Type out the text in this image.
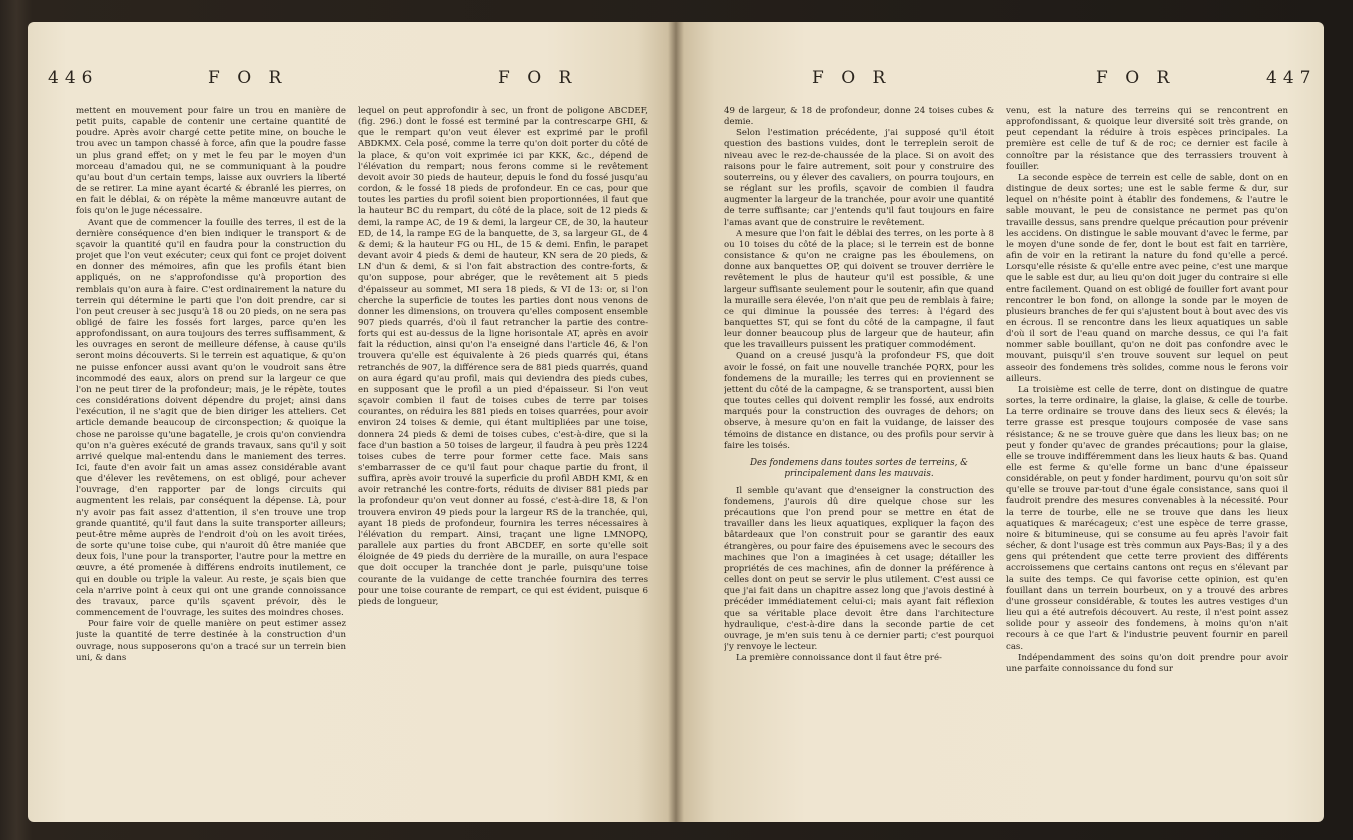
446	F O R	F O R

mettent en mouvement pour faire un trou en manière de petit puits, capable de contenir une certaine quantité de poudre. Après avoir chargé cette petite mine, on bouche le trou avec un tampon chassé à force, afin que la poudre fasse un plus grand effet; on y met le feu par le moyen d'un morceau d'amadou qui, ne se communiquant à la poudre qu'au bout d'un certain temps, laisse aux ouvriers la liberté de se retirer. La mine ayant écarté & ébranlé les pierres, on en fait le déblai, & on répète la même manœuvre autant de fois qu'on le juge nécessaire.

Avant que de commencer la fouille des terres, il est de la dernière conséquence d'en bien indiquer le transport & de sçavoir la quantité qu'il en faudra pour la construction du projet que l'on veut exécuter; ceux qui font ce projet doivent en donner des mémoires, afin que les profils étant bien appliqués, on ne s'approfondisse qu'à proportion des remblais qu'on aura à faire. C'est ordinairement la nature du terrein qui détermine le parti que l'on doit prendre, car si l'on peut creuser à sec jusqu'à 18 ou 20 pieds, on ne sera pas obligé de faire les fossés fort larges, parce qu'en les approfondissant, on aura toujours des terres suffisamment, & les ouvrages en seront de meilleure défense, à cause qu'ils seront moins découverts. Si le terrein est aquatique, & qu'on ne puisse enfoncer aussi avant qu'on le voudroit sans être incommodé des eaux, alors on prend sur la largeur ce que l'on ne peut tirer de la profondeur; mais, je le répète, toutes ces considérations doivent dépendre du projet; ainsi dans l'exécution, il ne s'agit que de bien diriger les atteliers. Cet article demande beaucoup de circonspection; & quoique la chose ne paroisse qu'une bagatelle, je crois qu'on conviendra qu'on n'a guères exécuté de grands travaux, sans qu'il y soit arrivé quelque mal-entendu dans le maniement des terres. Ici, faute d'en avoir fait un amas assez considérable avant que d'élever les revêtemens, on est obligé, pour achever l'ouvrage, d'en rapporter par de longs circuits qui augmentent les relais, par conséquent la dépense. Là, pour n'y avoir pas fait assez d'attention, il s'en trouve une trop grande quantité, qu'il faut dans la suite transporter ailleurs; peut-être même auprès de l'endroit d'où on les avoit tirées, de sorte qu'une toise cube, qui n'auroit dû être maniée que deux fois, l'une pour la transporter, l'autre pour la mettre en œuvre, a été promenée à différens endroits inutilement, ce qui en double ou triple la valeur. Au reste, je sçais bien que cela n'arrive point à ceux qui ont une grande connoissance des travaux, parce qu'ils sçavent prévoir, dès le commencement de l'ouvrage, les suites des moindres choses.

Pour faire voir de quelle manière on peut estimer assez juste la quantité de terre destinée à la construction d'un ouvrage, nous supposerons qu'on a tracé sur un terrein bien uni, & dans

lequel on peut approfondir à sec, un front de poligone ABCDEF, (fig. 296.) dont le fossé est terminé par la contrescarpe GHI, & que le rempart qu'on veut élever est exprimé par le profil ABDKMX. Cela posé, comme la terre qu'on doit porter du côté de la place, & qu'on voit exprimée ici par KKK, &c., dépend de l'élévation du rempart; nous ferons comme si le revêtement devoit avoir 30 pieds de hauteur, depuis le fond du fossé jusqu'au cordon, & le fossé 18 pieds de profondeur. En ce cas, pour que toutes les parties du profil soient bien proportionnées, il faut que la hauteur BC du rempart, du côté de la place, soit de 12 pieds & demi, la rampe AC, de 19 & demi, la largeur CE, de 30, la hauteur ED, de 14, la rampe EG de la banquette, de 3, sa largeur GL, de 4 & demi; & la hauteur FG ou HL, de 15 & demi. Enfin, le parapet devant avoir 4 pieds & demi de hauteur, KN sera de 20 pieds, & LN d'un & demi, & si l'on fait abstraction des contre-forts, & qu'on suppose, pour abréger, que le revêtement ait 5 pieds d'épaisseur au sommet, MI sera 18 pieds, & VI de 13: or, si l'on cherche la superficie de toutes les parties dont nous venons de donner les dimensions, on trouvera qu'elles composent ensemble 907 pieds quarrés, d'où il faut retrancher la partie des contre-forts qui est au-dessus de la ligne horisontale AT, après en avoir fait la réduction, ainsi qu'on l'a enseigné dans l'article 46, & l'on trouvera qu'elle est équivalente à 26 pieds quarrés qui, étans retranchés de 907, la différence sera de 881 pieds quarrés, quand on aura égard qu'au profil, mais qui deviendra des pieds cubes, en supposant que le profil a un pied d'épaisseur. Si l'on veut sçavoir combien il faut de toises cubes de terre par toises courantes, on réduira les 881 pieds en toises quarrées, pour avoir environ 24 toises & demie, qui étant multipliées par une toise, donnera 24 pieds & demi de toises cubes, c'est-à-dire, que si la face d'un bastion a 50 toises de largeur, il faudra à peu près 1224 toises cubes de terre pour former cette face. Mais sans s'embarrasser de ce qu'il faut pour chaque partie du front, il suffira, après avoir trouvé la superficie du profil ABDH KMI, & en avoir retranché les contre-forts, réduits de diviser 881 pieds par la profondeur qu'on veut donner au fossé, c'est-à-dire 18, & l'on trouvera environ 49 pieds pour la largeur RS de la tranchée, qui, ayant 18 pieds de profondeur, fournira les terres nécessaires à l'élévation du rempart. Ainsi, traçant une ligne LMNOPQ, parallele aux parties du front ABCDEF, en sorte qu'elle soit éloignée de 49 pieds du derrière de la muraille, on aura l'espace que doit occuper la tranchée dont je parle, puisqu'une toise courante de la vuidange de cette tranchée fournira des terres pour une toise courante de rempart, ce qui est évident, puisque 6 pieds de longueur,

F O R	F O R	447

49 de largeur, & 18 de profondeur, donne 24 toises cubes & demie.

Selon l'estimation précédente, j'ai supposé qu'il étoit question des bastions vuides, dont le terreplein seroit de niveau avec le rez-de-chaussée de la place. Si on avoit des raisons pour le faire autrement, soit pour y construire des souterreins, ou y élever des cavaliers, on pourra toujours, en se réglant sur les profils, sçavoir de combien il faudra augmenter la largeur de la tranchée, pour avoir une quantité de terre suffisante; car j'entends qu'il faut toujours en faire l'amas avant que de construire le revêtement.

A mesure que l'on fait le déblai des terres, on les porte à 8 ou 10 toises du côté de la place; si le terrein est de bonne consistance & qu'on ne craigne pas les éboulemens, on donne aux banquettes OP, qui doivent se trouver derrière le revêtement le plus de hauteur qu'il est possible, & une largeur suffisante seulement pour le soutenir, afin que quand la muraille sera élevée, l'on n'ait que peu de remblais à faire; ce qui diminue la poussée des terres: à l'égard des banquettes ST, qui se font du côté de la campagne, il faut leur donner beaucoup plus de largeur que de hauteur, afin que les travailleurs puissent les pratiquer commodément.

Quand on a creusé jusqu'à la profondeur FS, que doit avoir le fossé, on fait une nouvelle tranchée PQRX, pour les fondemens de la muraille; les terres qui en proviennent se jettent du côté de la campagne, & se transportent, aussi bien que toutes celles qui doivent remplir les fossé, aux endroits marqués pour la construction des ouvrages de dehors; on observe, à mesure qu'on en fait la vuidange, de laisser des témoins de distance en distance, ou des profils pour servir à faire les toisés.

Des fondemens dans toutes sortes de terreins, & principalement dans les mauvais.

Il semble qu'avant que d'enseigner la construction des fondemens, j'aurois dû dire quelque chose sur les précautions que l'on prend pour se mettre en état de travailler dans les lieux aquatiques, expliquer la façon des bâtardeaux que l'on construit pour se garantir des eaux étrangères, ou pour faire des épuisemens avec le secours des machines que l'on a imaginées à cet usage; détailler les propriétés de ces machines, afin de donner la préférence à celles dont on peut se servir le plus utilement. C'est aussi ce que j'ai fait dans un chapitre assez long que j'avois destiné à précéder immédiatement celui-ci; mais ayant fait réflexion que sa véritable place devoit être dans l'architecture hydraulique, c'est-à-dire dans la seconde partie de cet ouvrage, je m'en suis tenu à ce dernier parti; c'est pourquoi j'y renvoye le lecteur.

La première connoissance dont il faut être pré-

venu, est la nature des terreins qui se rencontrent en approfondissant, & quoique leur diversité soit très grande, on peut cependant la réduire à trois espèces principales. La première est celle de tuf & de roc; ce dernier est facile à connoître par la résistance que des terrassiers trouvent à fouiller.

La seconde espèce de terrein est celle de sable, dont on en distingue de deux sortes; une est le sable ferme & dur, sur lequel on n'hésite point à établir des fondemens, & l'autre le sable mouvant, le peu de consistance ne permet pas qu'on travaille dessus, sans prendre quelque précaution pour prévenir les accidens. On distingue le sable mouvant d'avec le ferme, par le moyen d'une sonde de fer, dont le bout est fait en tarrière, afin de voir en la retirant la nature du fond qu'elle a percé. Lorsqu'elle résiste & qu'elle entre avec peine, c'est une marque que le sable est dur, au lieu qu'on doit juger du contraire si elle entre facilement. Quand on est obligé de fouiller fort avant pour rencontrer le bon fond, on allonge la sonde par le moyen de plusieurs branches de fer qui s'ajustent bout à bout avec des vis en écrous. Il se rencontre dans les lieux aquatiques un sable d'où il sort de l'eau quand on marche dessus, ce qui l'a fait nommer sable bouillant, qu'on ne doit pas confondre avec le mouvant, puisqu'il s'en trouve souvent sur lequel on peut asseoir des fondemens très solides, comme nous le ferons voir ailleurs.

La troisième est celle de terre, dont on distingue de quatre sortes, la terre ordinaire, la glaise, la glaise, & celle de tourbe. La terre ordinaire se trouve dans des lieux secs & élevés; la terre grasse est presque toujours composée de vase sans résistance; & ne se trouve guère que dans les lieux bas; on ne peut y fonder qu'avec de grandes précautions; pour la glaise, elle se trouve indifféremment dans les lieux hauts & bas. Quand elle est ferme & qu'elle forme un banc d'une épaisseur considérable, on peut y fonder hardiment, pourvu qu'on soit sûr qu'elle se trouve par-tout d'une égale consistance, sans quoi il faudroit prendre des mesures convenables à la nécessité. Pour la terre de tourbe, elle ne se trouve que dans les lieux aquatiques & marécageux; c'est une espèce de terre grasse, noire & bitumineuse, qui se consume au feu après l'avoir fait sécher, & dont l'usage est très commun aux Pays-Bas; il y a des gens qui prétendent que cette terre provient des différents accroissemens que certains cantons ont reçus en s'élevant par la suite des temps. Ce qui favorise cette opinion, est qu'en fouillant dans un terrein bourbeux, on y a trouvé des arbres d'une grosseur considérable, & toutes les autres vestiges d'un lieu qui a été autrefois découvert. Au reste, il n'est point assez solide pour y asseoir des fondemens, à moins qu'on n'ait recours à ce que l'art & l'industrie peuvent fournir en pareil cas.

Indépendamment des soins qu'on doit prendre pour avoir une parfaite connoissance du fond sur
